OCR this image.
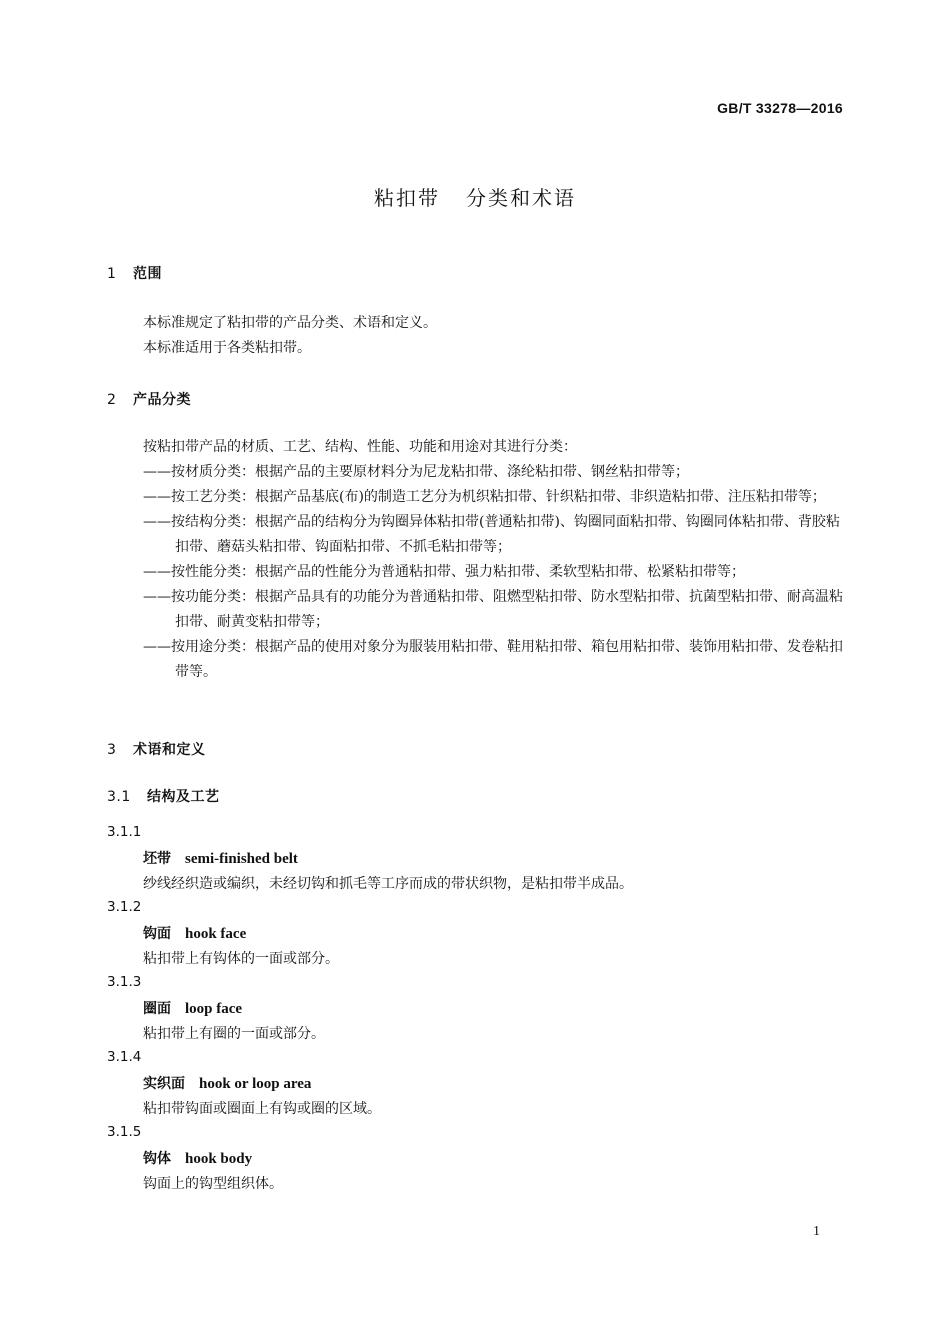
GB/T 33278—2016
粘扣带 分类和术语
1 范围

本标准规定了粘扣带的产品分类、术语和定义。

本标准适用于各类粘扣带。

2 产品分类

按粘扣带产品的材质、工艺、结构、性能、功能和用途对其进行分类：

——按材质分类：根据产品的主要原材料分为尼龙粘扣带、涤纶粘扣带、钢丝粘扣带等；

——按工艺分类：根据产品基底(布)的制造工艺分为机织粘扣带、针织粘扣带、非织造粘扣带、注压粘扣带等；

——按结构分类：根据产品的结构分为钩圈异体粘扣带(普通粘扣带)、钩圈同面粘扣带、钩圈同体粘扣带、背胶粘扣带、蘑菇头粘扣带、钩面粘扣带、不抓毛粘扣带等；

——按性能分类：根据产品的性能分为普通粘扣带、强力粘扣带、柔软型粘扣带、松紧粘扣带等；

——按功能分类：根据产品具有的功能分为普通粘扣带、阻燃型粘扣带、防水型粘扣带、抗菌型粘扣带、耐高温粘扣带、耐黄变粘扣带等；

——按用途分类：根据产品的使用对象分为服装用粘扣带、鞋用粘扣带、箱包用粘扣带、装饰用粘扣带、发卷粘扣带等。

3 术语和定义
3.1 结构及工艺
3.1.1
坯带 semi-finished belt
纱线经织造或编织，未经切钩和抓毛等工序而成的带状织物，是粘扣带半成品。
3.1.2
钩面 hook face
粘扣带上有钩体的一面或部分。
3.1.3
圈面 loop face
粘扣带上有圈的一面或部分。
3.1.4
实织面 hook or loop area
粘扣带钩面或圈面上有钩或圈的区域。
3.1.5
钩体 hook body
钩面上的钩型组织体。
1
